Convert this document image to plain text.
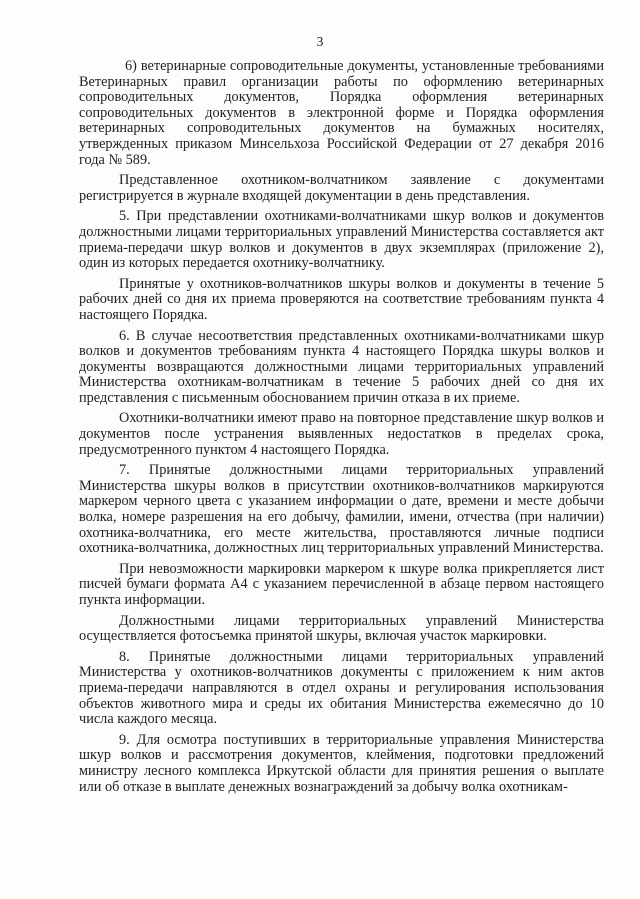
3

6) ветеринарные сопроводительные документы, установленные требованиями Ветеринарных правил организации работы по оформлению ветеринарных сопроводительных документов, Порядка оформления ветеринарных сопроводительных документов в электронной форме и Порядка оформления ветеринарных сопроводительных документов на бумажных носителях, утвержденных приказом Минсельхоза Российской Федерации от 27 декабря 2016 года № 589.

Представленное охотником-волчатником заявление с документами регистрируется в журнале входящей документации в день представления.

5. При представлении охотниками-волчатниками шкур волков и документов должностными лицами территориальных управлений Министерства составляется акт приема-передачи шкур волков и документов в двух экземплярах (приложение 2), один из которых передается охотнику-волчатнику.

Принятые у охотников-волчатников шкуры волков и документы в течение 5 рабочих дней со дня их приема проверяются на соответствие требованиям пункта 4 настоящего Порядка.

6. В случае несоответствия представленных охотниками-волчатниками шкур волков и документов требованиям пункта 4 настоящего Порядка шкуры волков и документы возвращаются должностными лицами территориальных управлений Министерства охотникам-волчатникам в течение 5 рабочих дней со дня их представления с письменным обоснованием причин отказа в их приеме.

Охотники-волчатники имеют право на повторное представление шкур волков и документов после устранения выявленных недостатков в пределах срока, предусмотренного пунктом 4 настоящего Порядка.

7. Принятые должностными лицами территориальных управлений Министерства шкуры волков в присутствии охотников-волчатников маркируются маркером черного цвета с указанием информации о дате, времени и месте добычи волка, номере разрешения на его добычу, фамилии, имени, отчества (при наличии) охотника-волчатника, его месте жительства, проставляются личные подписи охотника-волчатника, должностных лиц территориальных управлений Министерства.

При невозможности маркировки маркером к шкуре волка прикрепляется лист писчей бумаги формата А4 с указанием перечисленной в абзаце первом настоящего пункта информации.

Должностными лицами территориальных управлений Министерства осуществляется фотосъемка принятой шкуры, включая участок маркировки.

8. Принятые должностными лицами территориальных управлений Министерства у охотников-волчатников документы с приложением к ним актов приема-передачи направляются в отдел охраны и регулирования использования объектов животного мира и среды их обитания Министерства ежемесячно до 10 числа каждого месяца.

9. Для осмотра поступивших в территориальные управления Министерства шкур волков и рассмотрения документов, клеймения, подготовки предложений министру лесного комплекса Иркутской области для принятия решения о выплате или об отказе в выплате денежных вознаграждений за добычу волка охотникам-
